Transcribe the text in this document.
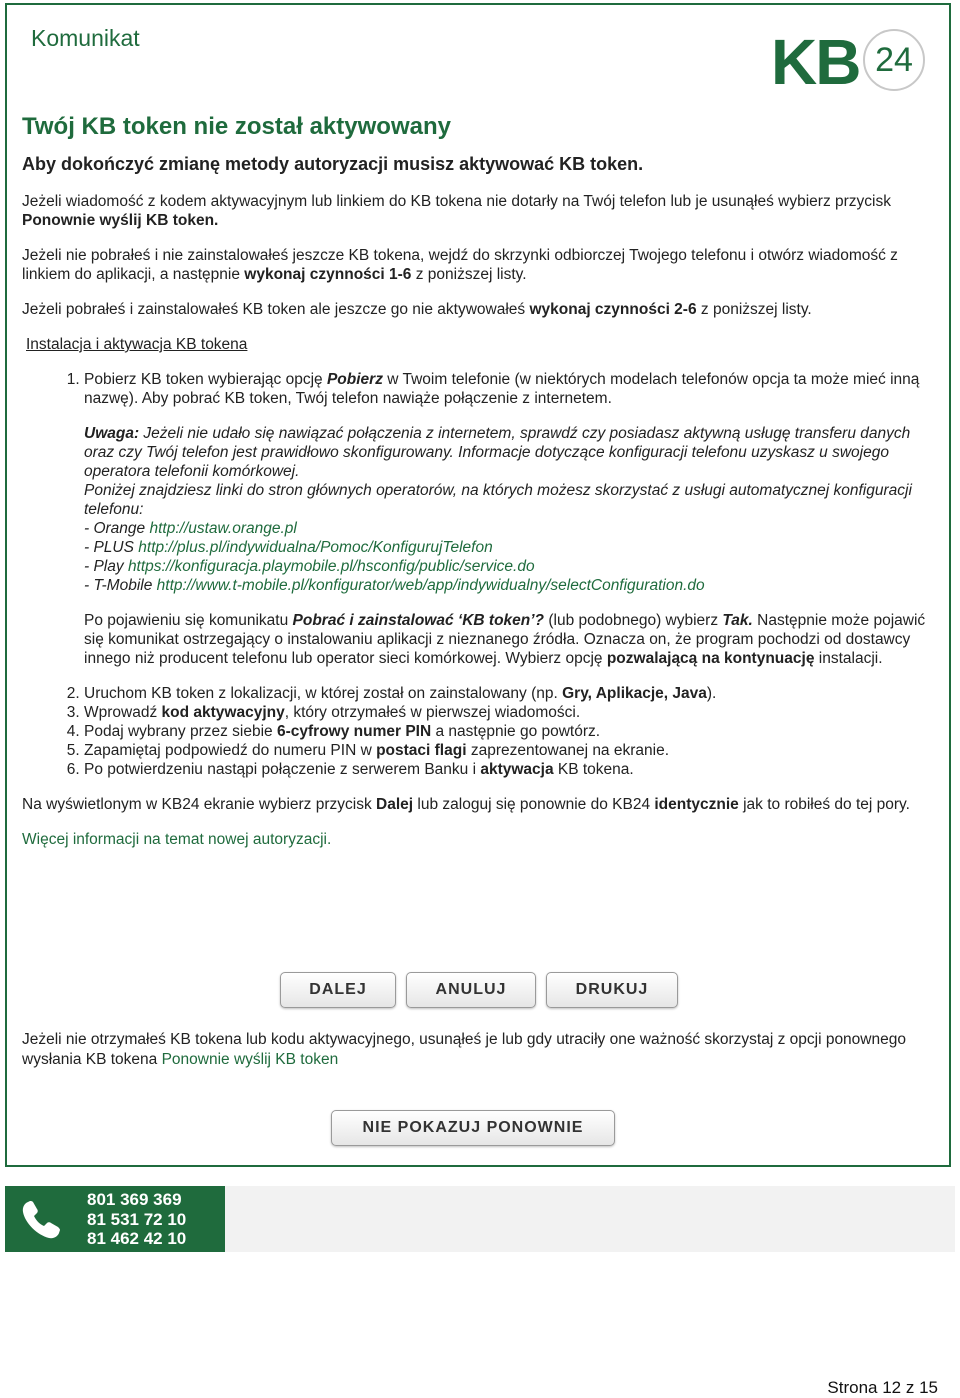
Komunikat	KB 24
Twój KB token nie został aktywowany
Aby dokończyć zmianę metody autoryzacji musisz aktywować KB token.

Jeżeli wiadomość z kodem aktywacyjnym lub linkiem do KB tokena nie dotarły na Twój telefon lub je usunąłeś wybierz przycisk Ponownie wyślij KB token.

Jeżeli nie pobrałeś i nie zainstalowałeś jeszcze KB tokena, wejdź do skrzynki odbiorczej Twojego telefonu i otwórz wiadomość z linkiem do aplikacji, a następnie wykonaj czynności 1-6 z poniższej listy.

Jeżeli pobrałeś i zainstalowałeś KB token ale jeszcze go nie aktywowałeś wykonaj czynności 2-6 z poniższej listy.

Instalacja i aktywacja KB tokena

1. Pobierz KB token wybierając opcję Pobierz w Twoim telefonie (w niektórych modelach telefonów opcja ta może mieć inną nazwę). Aby pobrać KB token, Twój telefon nawiąże połączenie z internetem.
Uwaga: Jeżeli nie udało się nawiązać połączenia z internetem, sprawdź czy posiadasz aktywną usługę transferu danych oraz czy Twój telefon jest prawidłowo skonfigurowany. Informacje dotyczące konfiguracji telefonu uzyskasz u swojego operatora telefonii komórkowej.
Poniżej znajdziesz linki do stron głównych operatorów, na których możesz skorzystać z usługi automatycznej konfiguracji telefonu:
- Orange http://ustaw.orange.pl
- PLUS http://plus.pl/indywidualna/Pomoc/KonfigurujTelefon
- Play https://konfiguracja.playmobile.pl/hsconfig/public/service.do
- T-Mobile http://www.t-mobile.pl/konfigurator/web/app/indywidualny/selectConfiguration.do
Po pojawieniu się komunikatu Pobrać i zainstalować ‘KB token’? (lub podobnego) wybierz Tak. Następnie może pojawić się komunikat ostrzegający o instalowaniu aplikacji z nieznanego źródła. Oznacza on, że program pochodzi od dostawcy innego niż producent telefonu lub operator sieci komórkowej. Wybierz opcję pozwalającą na kontynuację instalacji.
2. Uruchom KB token z lokalizacji, w której został on zainstalowany (np. Gry, Aplikacje, Java).
3. Wprowadź kod aktywacyjny, który otrzymałeś w pierwszej wiadomości.
4. Podaj wybrany przez siebie 6-cyfrowy numer PIN a następnie go powtórz.
5. Zapamiętaj podpowiedź do numeru PIN w postaci flagi zaprezentowanej na ekranie.
6. Po potwierdzeniu nastąpi połączenie z serwerem Banku i aktywacja KB tokena.

Na wyświetlonym w KB24 ekranie wybierz przycisk Dalej lub zaloguj się ponownie do KB24 identycznie jak to robiłeś do tej pory.

Więcej informacji na temat nowej autoryzacji.

DALEJ	ANULUJ	DRUKUJ
Jeżeli nie otrzymałeś KB tokena lub kodu aktywacyjnego, usunąłeś je lub gdy utraciły one ważność skorzystaj z opcji ponownego wysłania KB tokena Ponownie wyślij KB token
NIE POKAZUJ PONOWNIE
801 369 369
81 531 72 10
81 462 42 10
Strona 12 z 15
